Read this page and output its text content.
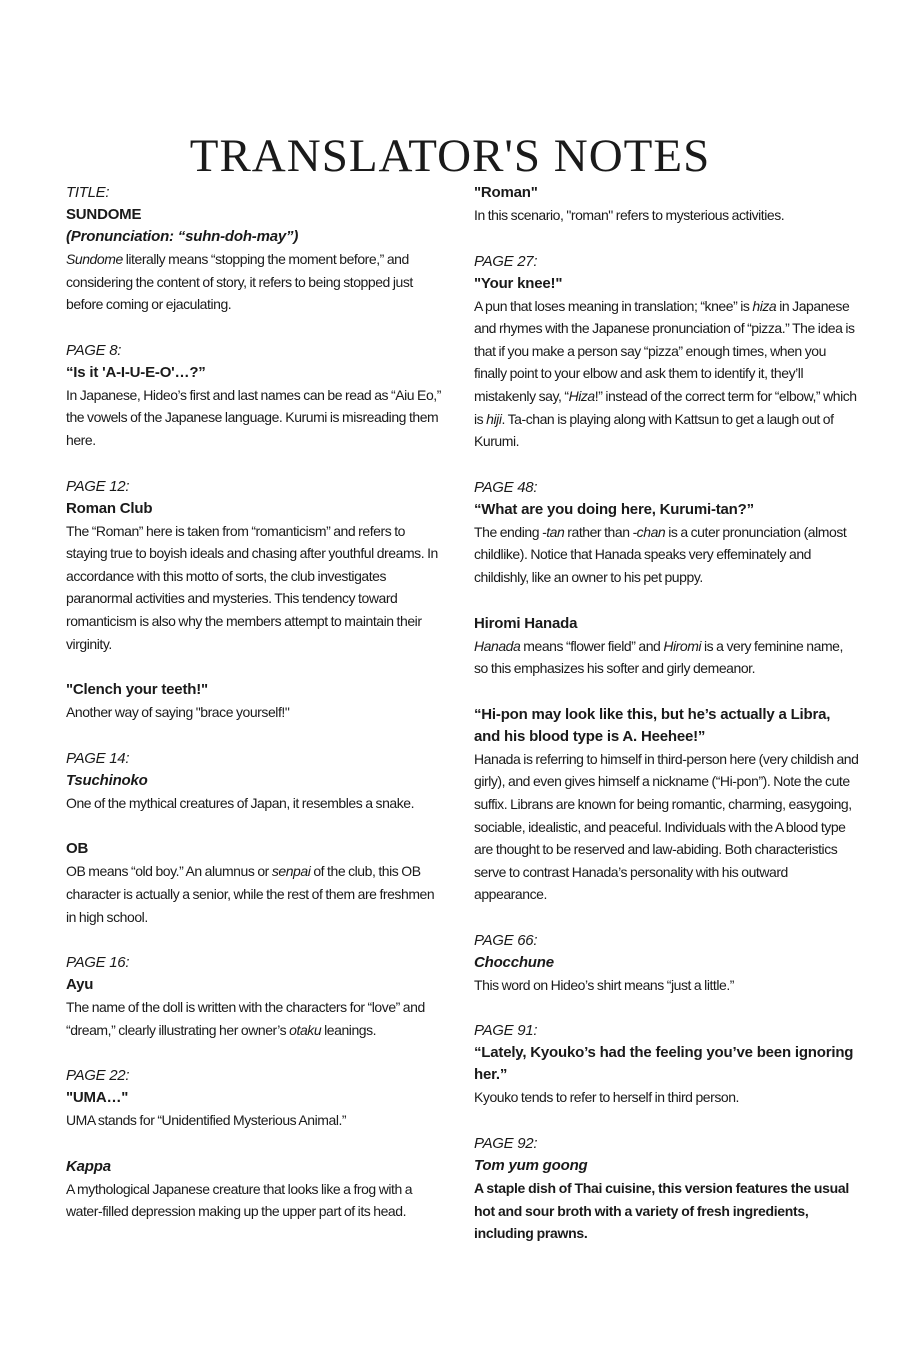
TRANSLATOR'S NOTES
TITLE:
SUNDOME
(Pronunciation: “suhn-doh-may”)
Sundome literally means “stopping the moment before,” and considering the content of story, it refers to being stopped just before coming or ejaculating.
PAGE 8:
“Is it 'A-I-U-E-O'…?”
In Japanese, Hideo’s first and last names can be read as “Aiu Eo,” the vowels of the Japanese language. Kurumi is misreading them here.
PAGE 12:
Roman Club
The “Roman” here is taken from “romanticism” and refers to staying true to boyish ideals and chasing after youthful dreams. In accordance with this motto of sorts, the club investigates paranormal activities and mysteries. This tendency toward romanticism is also why the members attempt to maintain their virginity.
"Clench your teeth!"
Another way of saying "brace yourself!"
PAGE 14:
Tsuchinoko
One of the mythical creatures of Japan, it resembles a snake.
OB
OB means “old boy.” An alumnus or senpai of the club, this OB character is actually a senior, while the rest of them are freshmen in high school.
PAGE 16:
Ayu
The name of the doll is written with the characters for “love” and “dream,” clearly illustrating her owner’s otaku leanings.
PAGE 22:
"UMA…"
UMA stands for “Unidentified Mysterious Animal.”
Kappa
A mythological Japanese creature that looks like a frog with a water-filled depression making up the upper part of its head.
"Roman"
In this scenario, "roman" refers to mysterious activities.
PAGE 27:
"Your knee!"
A pun that loses meaning in translation; “knee” is hiza in Japanese and rhymes with the Japanese pronunciation of “pizza.” The idea is that if you make a person say “pizza” enough times, when you finally point to your elbow and ask them to identify it, they’ll mistakenly say, “Hiza!” instead of the correct term for “elbow,” which is hiji. Ta-chan is playing along with Kattsun to get a laugh out of Kurumi.
PAGE 48:
“What are you doing here, Kurumi-tan?”
The ending -tan rather than -chan is a cuter pronunciation (almost childlike). Notice that Hanada speaks very effeminately and childishly, like an owner to his pet puppy.
Hiromi Hanada
Hanada means “flower field” and Hiromi is a very feminine name, so this emphasizes his softer and girly demeanor.
“Hi-pon may look like this, but he’s actually a Libra, and his blood type is A. Heehee!”
Hanada is referring to himself in third-person here (very childish and girly), and even gives himself a nickname (“Hi-pon”). Note the cute suffix. Librans are known for being romantic, charming, easygoing, sociable, idealistic, and peaceful. Individuals with the A blood type are thought to be reserved and law-abiding. Both characteristics serve to contrast Hanada’s personality with his outward appearance.
PAGE 66:
Chocchune
This word on Hideo’s shirt means “just a little.”
PAGE 91:
“Lately, Kyouko’s had the feeling you’ve been ignoring her.”
Kyouko tends to refer to herself in third person.
PAGE 92:
Tom yum goong
A staple dish of Thai cuisine, this version features the usual hot and sour broth with a variety of fresh ingredients, including prawns.
